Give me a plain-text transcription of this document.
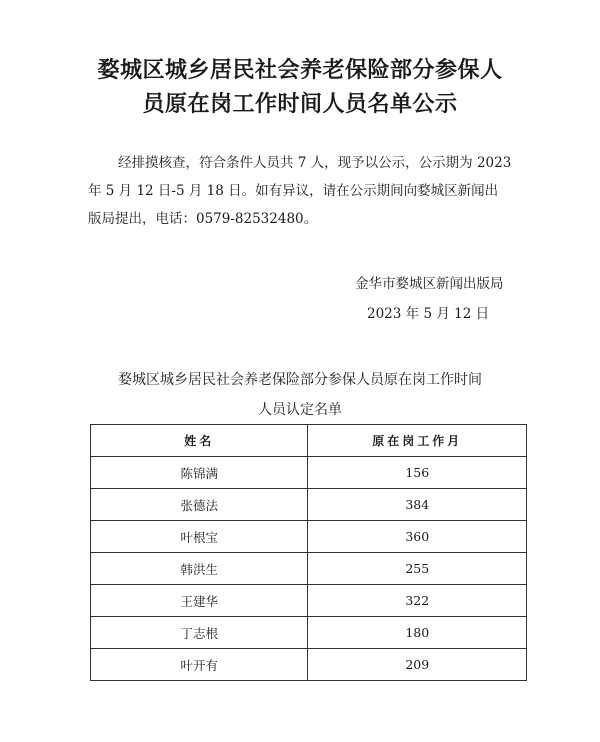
婺城区城乡居民社会养老保险部分参保人
员原在岗工作时间人员名单公示
经排摸核查，符合条件人员共 7 人，现予以公示，公示期为 2023
年 5 月 12 日-5 月 18 日。如有异议，请在公示期间向婺城区新闻出
版局提出，电话：0579-82532480。
金华市婺城区新闻出版局
2023 年 5 月 12 日
婺城区城乡居民社会养老保险部分参保人员原在岗工作时间
人员认定名单
姓名	原在岗工作月
陈锦满	156
张德法	384
叶根宝	360
韩洪生	255
王建华	322
丁志根	180
叶开有	209
